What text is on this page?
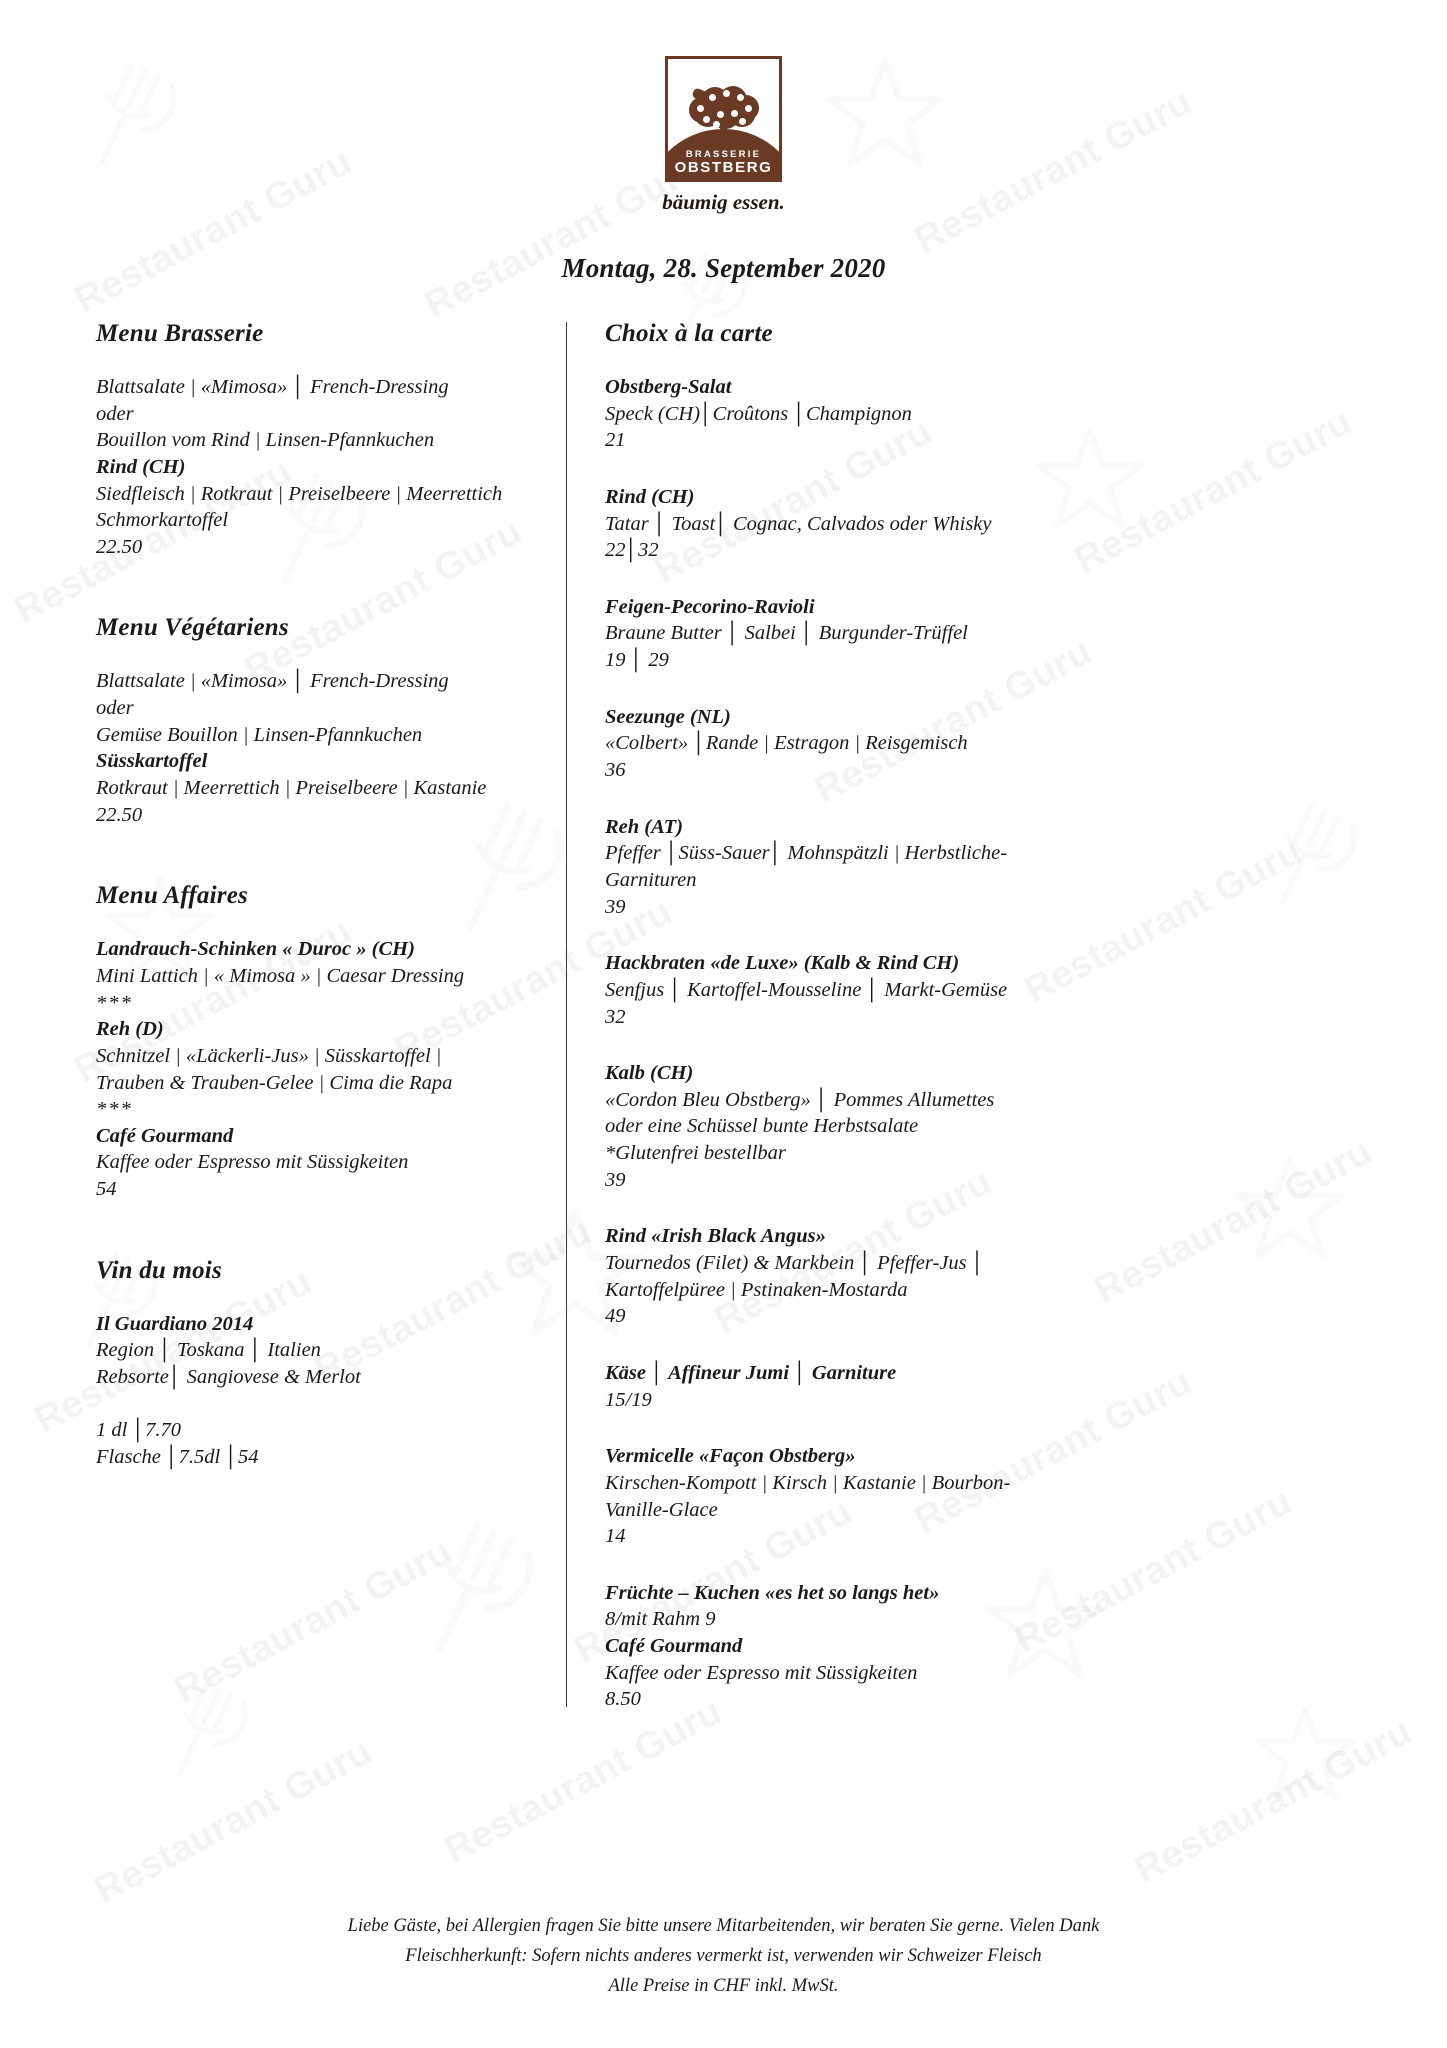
BRASSERIE
OBSTBERG
bäumig essen.
Montag, 28. September 2020
Menu Brasserie
Blattsalate | «Mimosa» │ French-Dressing
oder
Bouillon vom Rind | Linsen-Pfannkuchen
Rind (CH)
Siedfleisch | Rotkraut | Preiselbeere | Meerrettich
Schmorkartoffel
22.50
Menu Végétariens
Blattsalate | «Mimosa» │ French-Dressing
oder
Gemüse Bouillon | Linsen-Pfannkuchen
Süsskartoffel
Rotkraut | Meerrettich | Preiselbeere | Kastanie
22.50
Menu Affaires
Landrauch-Schinken « Duroc » (CH)
Mini Lattich | « Mimosa » | Caesar Dressing
***
Reh (D)
Schnitzel | «Läckerli-Jus» | Süsskartoffel |
Trauben & Trauben-Gelee | Cima die Rapa
***
Café Gourmand
Kaffee oder Espresso mit Süssigkeiten
54
Vin du mois
Il Guardiano 2014
Region │ Toskana │ Italien
Rebsorte│ Sangiovese & Merlot

1 dl │7.70
Flasche │7.5dl │54
Choix à la carte
Obstberg-Salat
Speck (CH)│Croûtons │Champignon
21
Rind (CH)
Tatar │ Toast│ Cognac, Calvados oder Whisky
22│32
Feigen-Pecorino-Ravioli
Braune Butter │ Salbei │ Burgunder-Trüffel
19 │ 29
Seezunge (NL)
«Colbert» │Rande | Estragon | Reisgemisch
36
Reh (AT)
Pfeffer │Süss-Sauer│ Mohnspätzli | Herbstliche-
Garnituren
39
Hackbraten «de Luxe» (Kalb & Rind CH)
Senfjus │ Kartoffel-Mousseline │ Markt-Gemüse
32
Kalb (CH)
«Cordon Bleu Obstberg» │ Pommes Allumettes
oder eine Schüssel bunte Herbstsalate
*Glutenfrei bestellbar
39
Rind «Irish Black Angus»
Tournedos (Filet) & Markbein │ Pfeffer-Jus │
Kartoffelpüree | Pstinaken-Mostarda
49
Käse │ Affineur Jumi │ Garniture
15/19
Vermicelle «Façon Obstberg»
Kirschen-Kompott | Kirsch | Kastanie | Bourbon-
Vanille-Glace
14
Früchte – Kuchen «es het so langs het»
8/mit Rahm 9
Café Gourmand
Kaffee oder Espresso mit Süssigkeiten
8.50
Liebe Gäste, bei Allergien fragen Sie bitte unsere Mitarbeitenden, wir beraten Sie gerne. Vielen Dank
Fleischherkunft: Sofern nichts anderes vermerkt ist, verwenden wir Schweizer Fleisch
Alle Preise in CHF inkl. MwSt.
